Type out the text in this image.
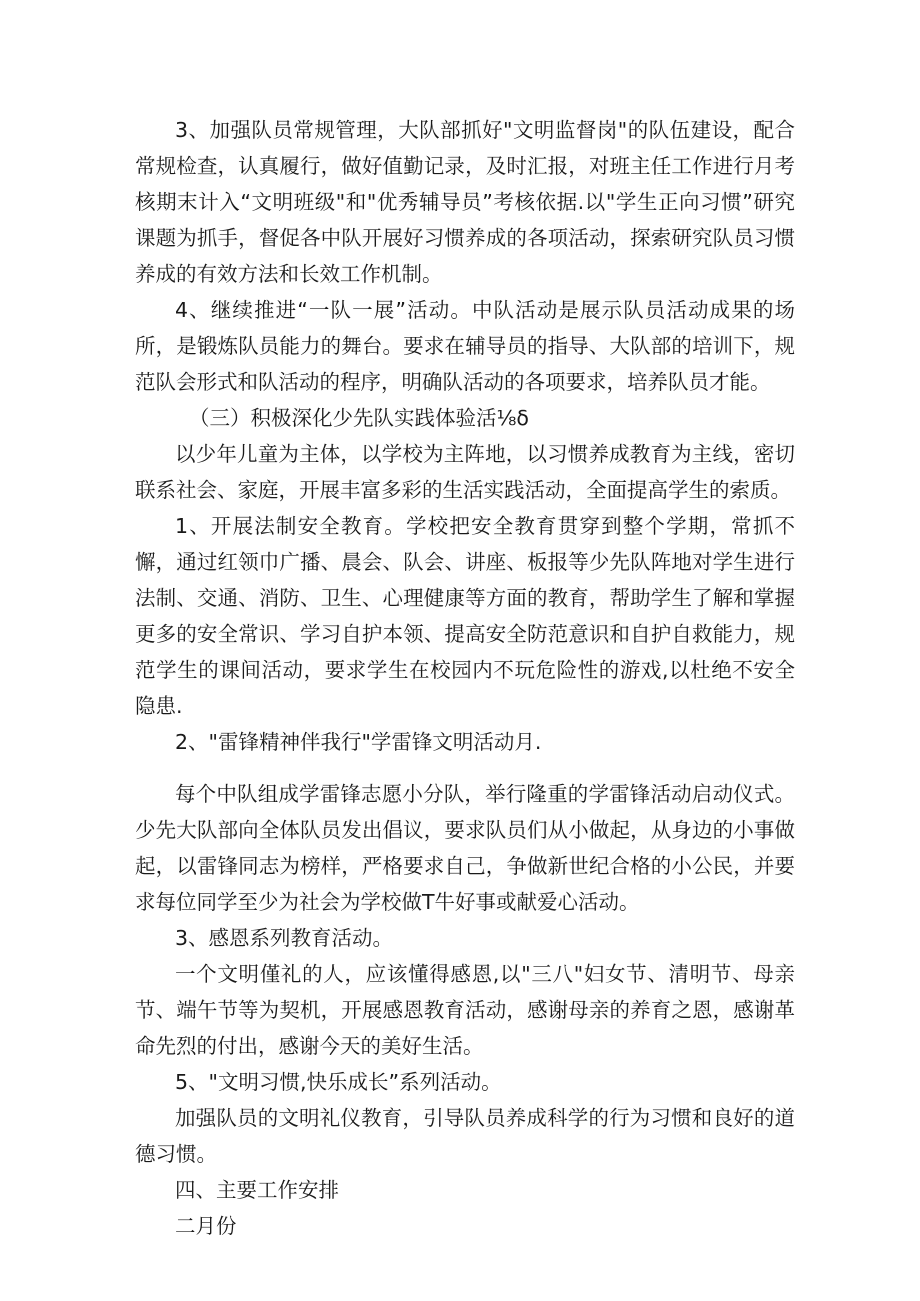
3、加强队员常规管理，大队部抓好"文明监督岗"的队伍建设，配合常规检查，认真履行，做好值勤记录，及时汇报，对班主任工作进行月考核期末计入“文明班级"和"优秀辅导员”考核依据.以"学生正向习惯”研究课题为抓手，督促各中队开展好习惯养成的各项活动，探索研究队员习惯养成的有效方法和长效工作机制。

4、继续推进“一队一展”活动。中队活动是展示队员活动成果的场所，是锻炼队员能力的舞台。要求在辅导员的指导、大队部的培训下，规范队会形式和队活动的程序，明确队活动的各项要求，培养队员才能。

（三）积极深化少先队实践体验活⅛δ

以少年儿童为主体，以学校为主阵地，以习惯养成教育为主线，密切联系社会、家庭，开展丰富多彩的生活实践活动，全面提高学生的索质。

1、开展法制安全教育。学校把安全教育贯穿到整个学期，常抓不懈，通过红领巾广播、晨会、队会、讲座、板报等少先队阵地对学生进行法制、交通、消防、卫生、心理健康等方面的教育，帮助学生了解和掌握更多的安全常识、学习自护本领、提高安全防范意识和自护自救能力，规范学生的课间活动，要求学生在校园内不玩危险性的游戏,以杜绝不安全隐患.

2、"雷锋精神伴我行"学雷锋文明活动月.

每个中队组成学雷锋志愿小分队，举行隆重的学雷锋活动启动仪式。少先大队部向全体队员发出倡议，要求队员们从小做起，从身边的小事做起，以雷锋同志为榜样，严格要求自己，争做新世纪合格的小公民，并要求每位同学至少为社会为学校做T牛好事或献爱心活动。

3、感恩系列教育活动。

一个文明僅礼的人，应该懂得感恩,以"三八"妇女节、清明节、母亲节、端午节等为契机，开展感恩教育活动，感谢母亲的养育之恩，感谢革命先烈的付出，感谢今天的美好生活。

5、"文明习惯,快乐成长”系列活动。

加强队员的文明礼仪教育，引导队员养成科学的行为习惯和良好的道德习惯。

四、主要工作安排

二月份
